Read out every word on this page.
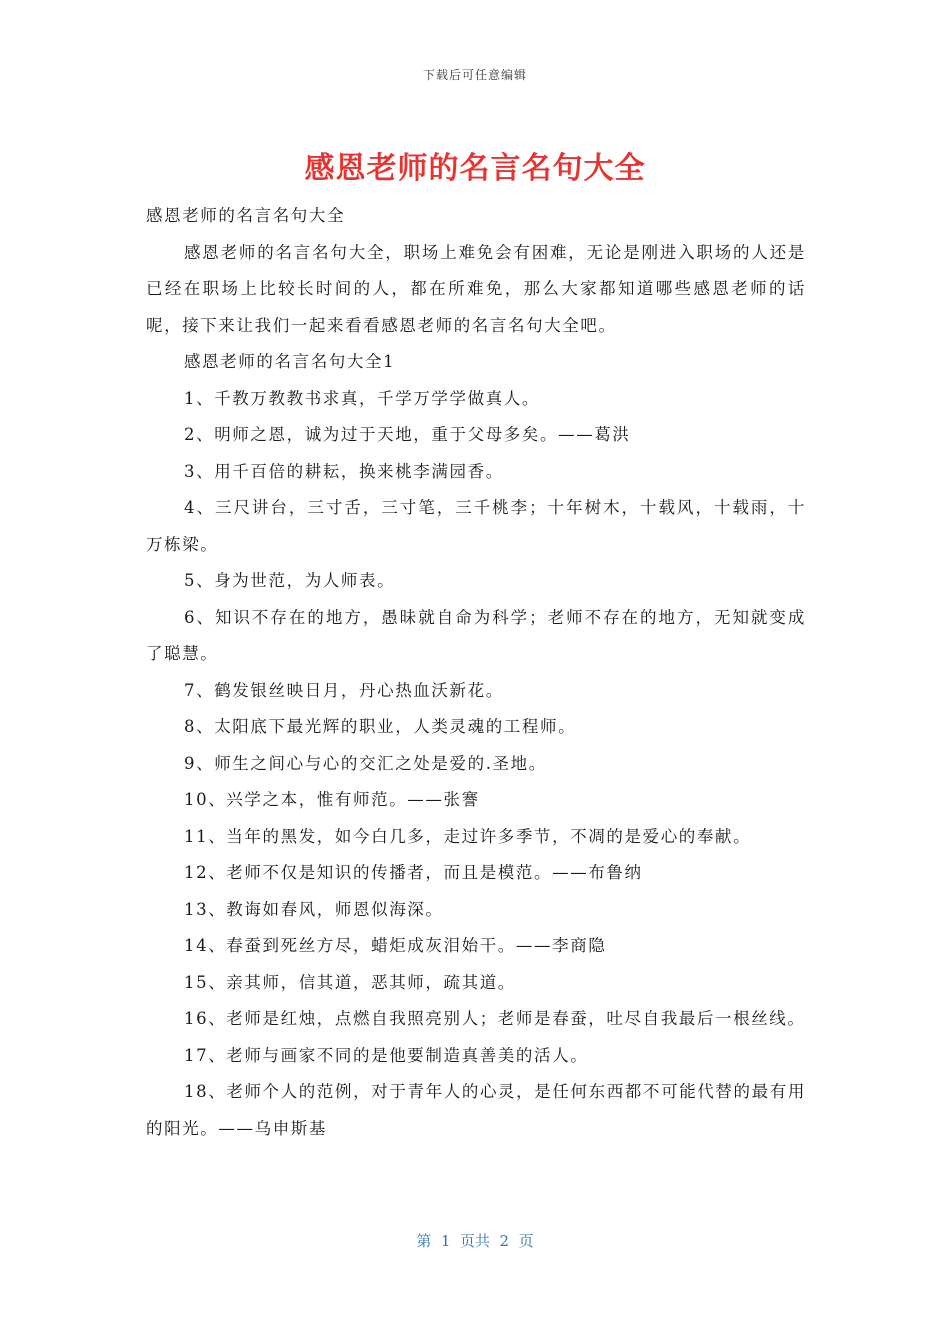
下载后可任意编辑
感恩老师的名言名句大全

感恩老师的名言名句大全

感恩老师的名言名句大全，职场上难免会有困难，无论是刚进入职场的人还是已经在职场上比较长时间的人，都在所难免，那么大家都知道哪些感恩老师的话呢，接下来让我们一起来看看感恩老师的名言名句大全吧。

感恩老师的名言名句大全1

1、千教万教教书求真，千学万学学做真人。

2、明师之恩，诚为过于天地，重于父母多矣。——葛洪

3、用千百倍的耕耘，换来桃李满园香。

4、三尺讲台，三寸舌，三寸笔，三千桃李；十年树木，十载风，十载雨，十万栋梁。

5、身为世范，为人师表。

6、知识不存在的地方，愚昧就自命为科学；老师不存在的地方，无知就变成了聪慧。

7、鹤发银丝映日月，丹心热血沃新花。

8、太阳底下最光辉的职业，人类灵魂的工程师。

9、师生之间心与心的交汇之处是爱的.圣地。

10、兴学之本，惟有师范。——张謇

11、当年的黑发，如今白几多，走过许多季节，不凋的是爱心的奉献。

12、老师不仅是知识的传播者，而且是模范。——布鲁纳

13、教诲如春风，师恩似海深。

14、春蚕到死丝方尽，蜡炬成灰泪始干。——李商隐

15、亲其师，信其道，恶其师，疏其道。

16、老师是红烛，点燃自我照亮别人；老师是春蚕，吐尽自我最后一根丝线。

17、老师与画家不同的是他要制造真善美的活人。

18、老师个人的范例，对于青年人的心灵，是任何东西都不可能代替的最有用的阳光。——乌申斯基

第  1  页共  2  页
